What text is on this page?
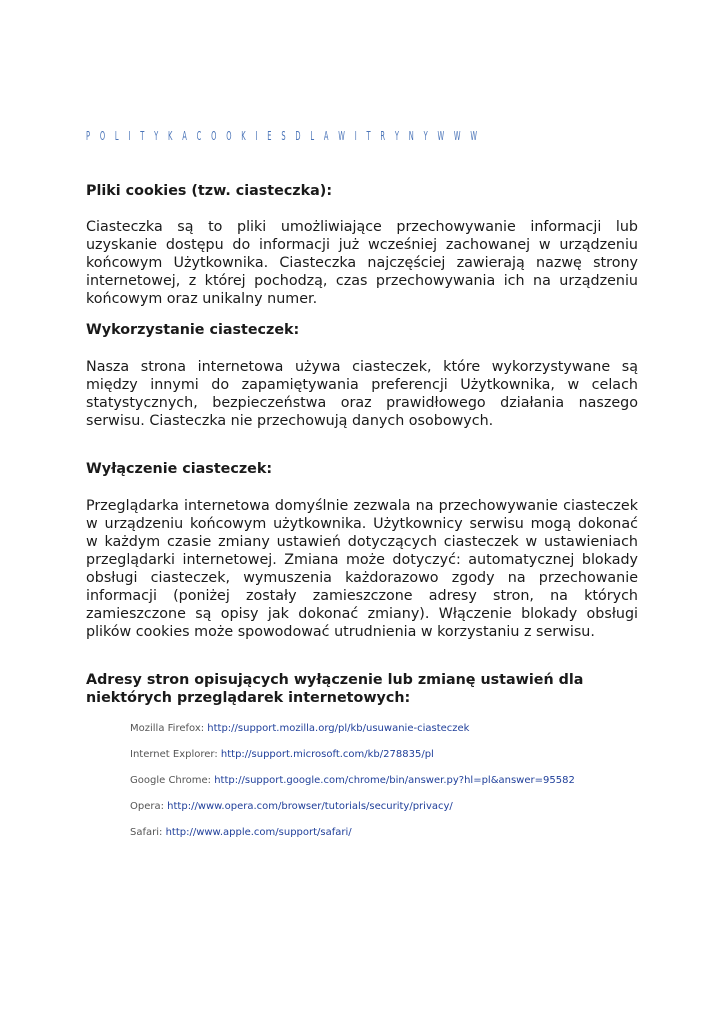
P O L I T Y K A C O O K I E S D L A W I T R Y N Y W W W

Pliki cookies (tzw. ciasteczka):

Ciasteczka są to pliki umożliwiające przechowywanie informacji lub uzyskanie dostępu do informacji już wcześniej zachowanej w urządzeniu końcowym Użytkownika. Ciasteczka najczęściej zawierają nazwę strony internetowej, z której pochodzą, czas przechowywania ich na urządzeniu końcowym oraz unikalny numer.

Wykorzystanie ciasteczek:

Nasza strona internetowa używa ciasteczek, które wykorzystywane są między innymi do zapamiętywania preferencji Użytkownika, w celach statystycznych, bezpieczeństwa oraz prawidłowego działania naszego serwisu. Ciasteczka nie przechowują danych osobowych.

Wyłączenie ciasteczek:

Przeglądarka internetowa domyślnie zezwala na przechowywanie ciasteczek w urządzeniu końcowym użytkownika. Użytkownicy serwisu mogą dokonać w każdym czasie zmiany ustawień dotyczących ciasteczek w ustawieniach przeglądarki internetowej. Zmiana może dotyczyć: automatycznej blokady obsługi ciasteczek, wymuszenia każdorazowo zgody na przechowanie informacji (poniżej zostały zamieszczone adresy stron, na których zamieszczone są opisy jak dokonać zmiany). Włączenie blokady obsługi plików cookies może spowodować utrudnienia w korzystaniu z serwisu.

Adresy stron opisujących wyłączenie lub zmianę ustawień dla niektórych przeglądarek internetowych:

Mozilla Firefox: http://support.mozilla.org/pl/kb/usuwanie-ciasteczek
Internet Explorer: http://support.microsoft.com/kb/278835/pl
Google Chrome: http://support.google.com/chrome/bin/answer.py?hl=pl&answer=95582
Opera: http://www.opera.com/browser/tutorials/security/privacy/
Safari: http://www.apple.com/support/safari/
